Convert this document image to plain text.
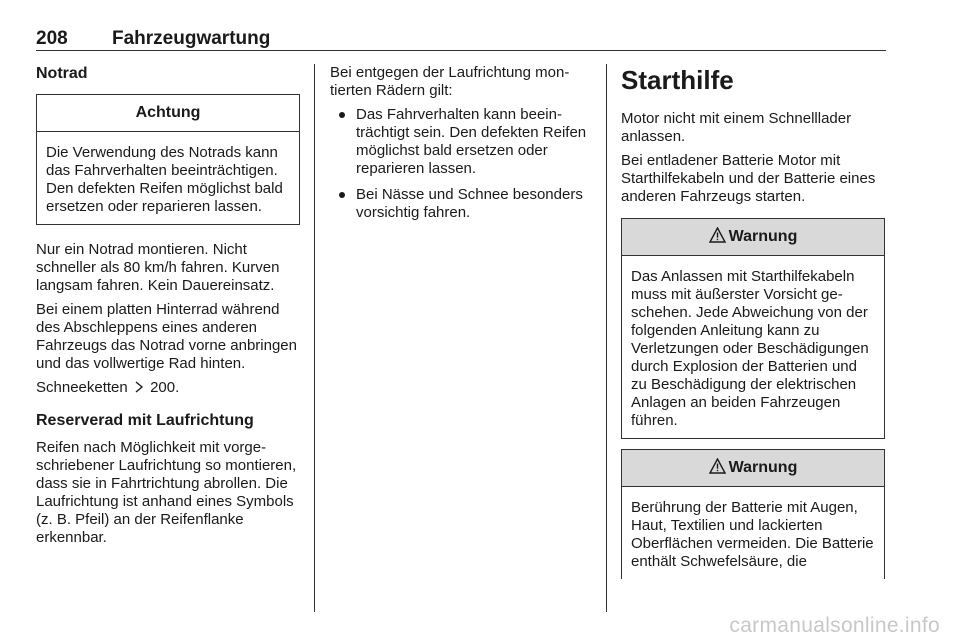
208 Fahrzeugwartung
Notrad
Achtung

Die Verwendung des Notrads kann das Fahrverhalten beeinträchtigen. Den defekten Reifen möglichst bald ersetzen oder reparieren lassen.

Nur ein Notrad montieren. Nicht schneller als 80 km/h fahren. Kurven langsam fahren. Kein Dauereinsatz.

Bei einem platten Hinterrad während des Abschleppens eines anderen Fahrzeugs das Notrad vorne anbringen und das vollwertige Rad hinten.

Schneeketten 200.

Reserverad mit Laufrichtung

Reifen nach Möglichkeit mit vorgeschriebener Laufrichtung so montieren, dass sie in Fahrtrichtung abrollen. Die Laufrichtung ist anhand eines Symbols (z. B. Pfeil) an der Reifenflanke erkennbar.

Bei entgegen der Laufrichtung montierten Rädern gilt:

Das Fahrverhalten kann beeinträchtigt sein. Den defekten Reifen möglichst bald ersetzen oder reparieren lassen.
Bei Nässe und Schnee besonders vorsichtig fahren.
Starthilfe

Motor nicht mit einem Schnelllader anlassen.

Bei entladener Batterie Motor mit Starthilfekabeln und der Batterie eines anderen Fahrzeugs starten.

Warnung

Das Anlassen mit Starthilfekabeln muss mit äußerster Vorsicht geschehen. Jede Abweichung von der folgenden Anleitung kann zu Verletzungen oder Beschädigungen durch Explosion der Batterien und zu Beschädigung der elektrischen Anlagen an beiden Fahrzeugen führen.

Warnung

Berührung der Batterie mit Augen, Haut, Textilien und lackierten Oberflächen vermeiden. Die Batterie enthält Schwefelsäure, die

carmanualsonline.info
